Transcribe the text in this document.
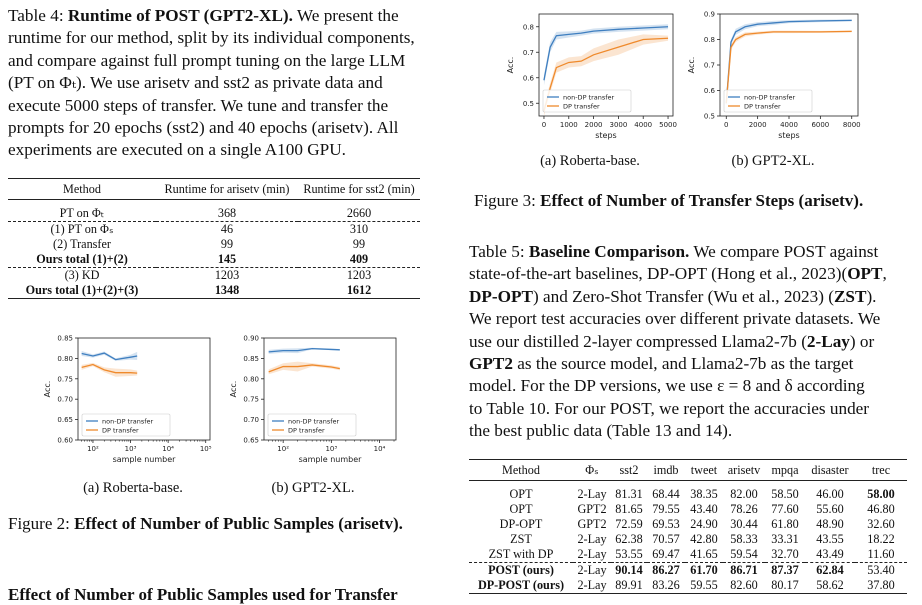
Table 4: Runtime of POST (GPT2-XL). We present the

runtime for our method, split by its individual components,

and compare against full prompt tuning on the large LLM

(PT on Φₜ). We use arisetv and sst2 as private data and

execute 5000 steps of transfer. We tune and transfer the

prompts for 20 epochs (sst2) and 40 epochs (arisetv). All

experiments are executed on a single A100 GPU.

Method	Runtime for arisetv (min)	Runtime for sst2 (min)

PT on Φₜ	368	2660
(1) PT on Φₛ	46	310
(2) Transfer	99	99
Ours total (1)+(2)	145	409
(3) KD	1203	1203
Ours total (1)+(2)+(3)	1348	1612
0.60
0.65
0.70
0.75
0.80
0.85
Acc.
10²	10³	10⁴	10⁵
sample number
non-DP transfer
DP transfer
0.65
0.70
0.75
0.80
0.85
0.90
Acc.
10²	10³	10⁴
sample number
non-DP transfer
DP transfer
(a) Roberta-base.	(b) GPT2-XL.
Figure 2: Effect of Number of Public Samples (arisetv).
Effect of Number of Public Samples used for Transfer
0.5
0.6
0.7
0.8
Acc.
0 1000 2000 3000 4000 5000
steps
non-DP transfer
DP transfer
0.5
0.6
0.7
0.8
0.9
Acc.
0	2000 4000 6000 8000
steps
non-DP transfer
DP transfer
(a) Roberta-base.	(b) GPT2-XL.
Figure 3: Effect of Number of Transfer Steps (arisetv).

Table 5: Baseline Comparison. We compare POST against

state-of-the-art baselines, DP-OPT (Hong et al., 2023)(OPT,

DP-OPT) and Zero-Shot Transfer (Wu et al., 2023) (ZST).

We report test accuracies over different private datasets. We

use our distilled 2-layer compressed Llama2-7b (2-Lay) or

GPT2 as the source model, and Llama2-7b as the target

model. For the DP versions, we use ε = 8 and δ according

to Table 10. For our POST, we report the accuracies under

the best public data (Table 13 and 14).

Method	Φₛ	sst2	imdb	tweet	arisetv	mpqa	disaster	trec

OPT	2-Lay	81.31	68.44	38.35	82.00	58.50	46.00	58.00
OPT	GPT2	81.65	79.55	43.40	78.26	77.60	55.60	46.80
DP-OPT	GPT2	72.59	69.53	24.90	30.44	61.80	48.90	32.60
ZST	2-Lay	62.38	70.57	42.80	58.33	33.31	43.55	18.22
ZST with DP	2-Lay	53.55	69.47	41.65	59.54	32.70	43.49	11.60
POST (ours)	2-Lay	90.14	86.27	61.70	86.71	87.37	62.84	53.40
DP-POST (ours)	2-Lay	89.91	83.26	59.55	82.60	80.17	58.62	37.80
